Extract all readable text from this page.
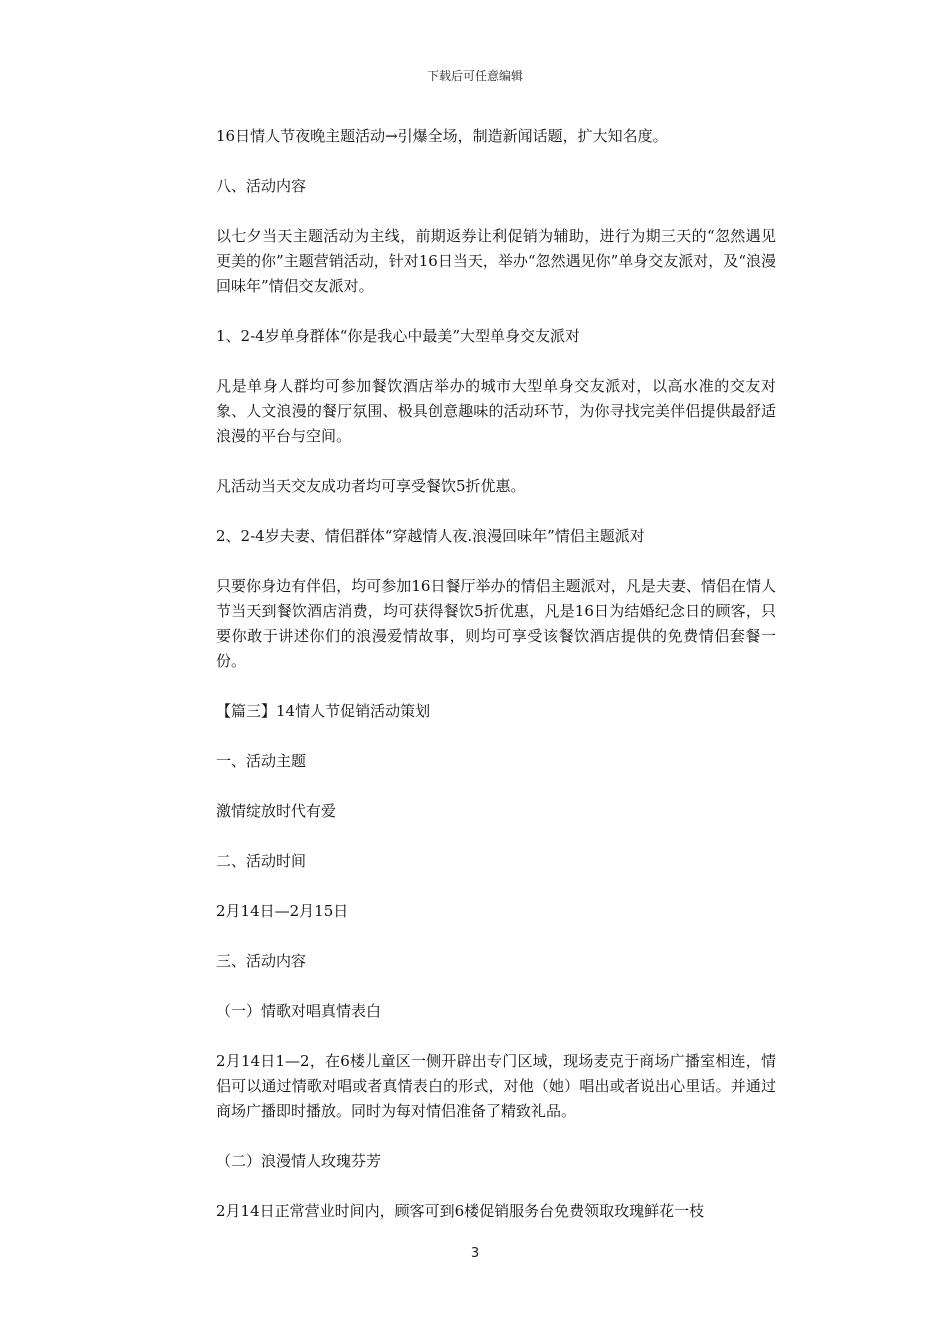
下载后可任意编辑

16日情人节夜晚主题活动→引爆全场，制造新闻话题，扩大知名度。

八、活动内容

以七夕当天主题活动为主线，前期返券让利促销为辅助，进行为期三天的“忽然遇见更美的你”主题营销活动，针对16日当天，举办“忽然遇见你”单身交友派对，及“浪漫回味年”情侣交友派对。

1、2-4岁单身群体“你是我心中最美”大型单身交友派对

凡是单身人群均可参加餐饮酒店举办的城市大型单身交友派对，以高水准的交友对象、人文浪漫的餐厅氛围、极具创意趣味的活动环节，为你寻找完美伴侣提供最舒适浪漫的平台与空间。

凡活动当天交友成功者均可享受餐饮5折优惠。

2、2-4岁夫妻、情侣群体“穿越情人夜.浪漫回味年”情侣主题派对

只要你身边有伴侣，均可参加16日餐厅举办的情侣主题派对，凡是夫妻、情侣在情人节当天到餐饮酒店消费，均可获得餐饮5折优惠，凡是16日为结婚纪念日的顾客，只要你敢于讲述你们的浪漫爱情故事，则均可享受该餐饮酒店提供的免费情侣套餐一份。

【篇三】14情人节促销活动策划

一、活动主题

激情绽放时代有爱

二、活动时间

2月14日—2月15日

三、活动内容

（一）情歌对唱真情表白

2月14日1—2，在6楼儿童区一侧开辟出专门区域，现场麦克于商场广播室相连，情侣可以通过情歌对唱或者真情表白的形式，对他（她）唱出或者说出心里话。并通过商场广播即时播放。同时为每对情侣准备了精致礼品。

（二）浪漫情人玫瑰芬芳

2月14日正常营业时间内，顾客可到6楼促销服务台免费领取玫瑰鲜花一枝

3
